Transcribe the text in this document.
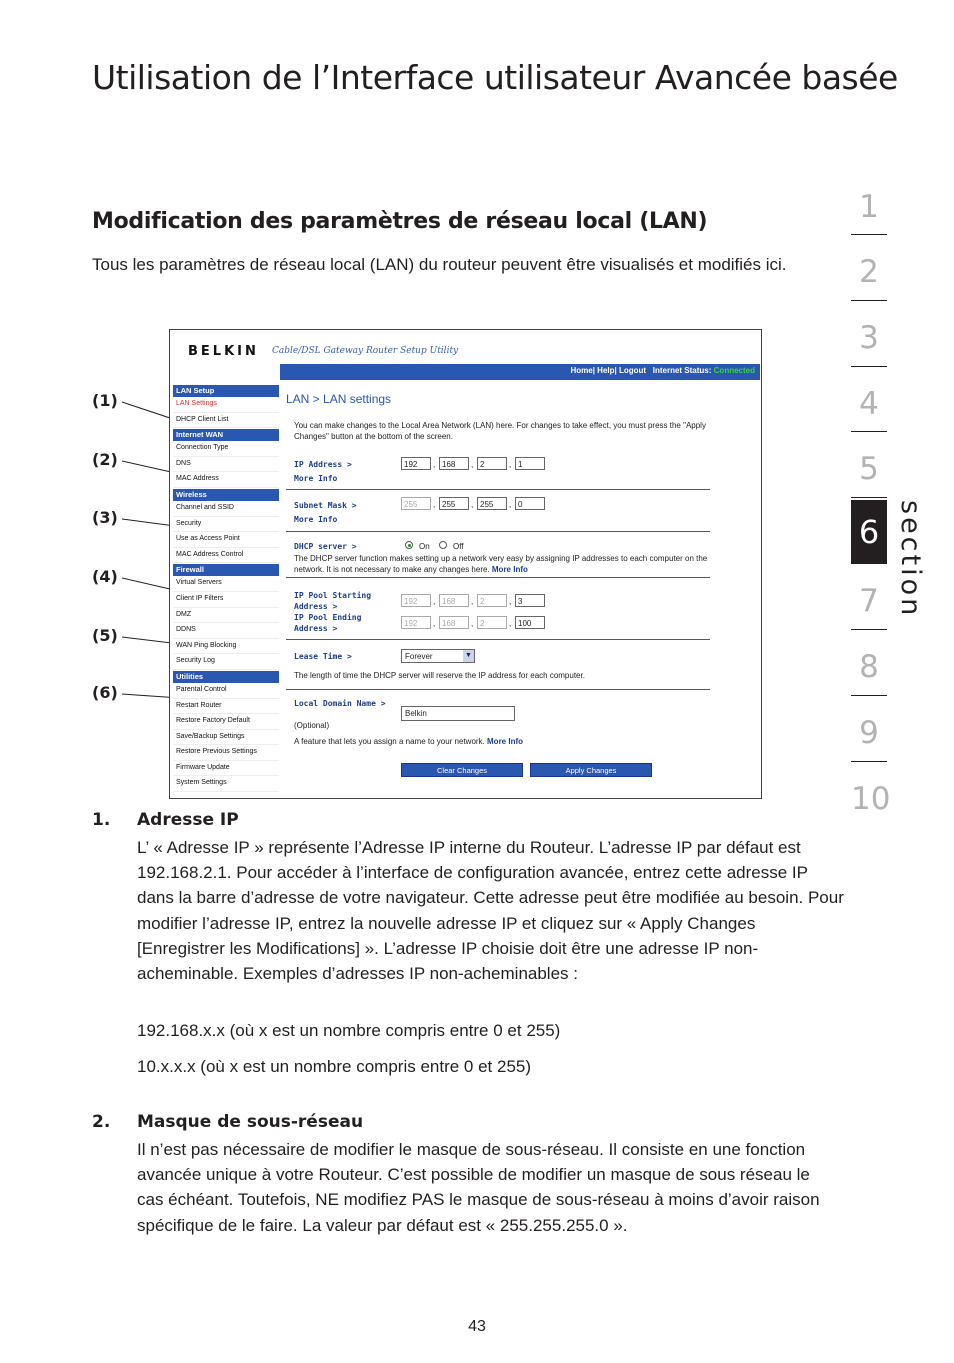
Utilisation de l’Interface utilisateur Avancée basée
Modification des paramètres de réseau local (LAN)
Tous les paramètres de réseau local (LAN) du routeur peuvent être visualisés et modifiés ici.
1
2
3
4
5
6
7
8
9
10
section
(1)
(2)
(3)
(4)
(5)
(6)
BELKIN Cable/DSL Gateway Router Setup Utility
Home| Help| Logout Internet Status: Connected
LAN Setup
LAN Settings
DHCP Client List
Internet WAN
Connection Type
DNS
MAC Address
Wireless
Channel and SSID
Security
Use as Access Point
MAC Address Control
Firewall
Virtual Servers
Client IP Filters
DMZ
DDNS
WAN Ping Blocking
Security Log
Utilities
Parental Control
Restart Router
Restore Factory Default
Save/Backup Settings
Restore Previous Settings
Firmware Update
System Settings
LAN > LAN settings
You can make changes to the Local Area Network (LAN) here. For changes to take effect, you must press the "Apply Changes" button at the bottom of the screen.
IP Address >
More Info
192	, 168	, 2	, 1
Subnet Mask >
More Info
255	, 255	, 255	, 0
DHCP server >	On	Off
The DHCP server function makes setting up a network very easy by assigning IP addresses to each computer on the network. It is not necessary to make any changes here. More Info
IP Pool Starting Address >
192	, 168	, 2	, 3
IP Pool Ending Address >
192	, 168	, 2	, 100
Lease Time >	Forever	▼
The length of time the DHCP server will reserve the IP address for each computer.
Local Domain Name >
(Optional)
Belkin
A feature that lets you assign a name to your network. More Info
Clear Changes	Apply Changes
1. Adresse IP
L’ « Adresse IP » représente l’Adresse IP interne du Routeur. L’adresse IP par défaut est 192.168.2.1. Pour accéder à l’interface de configuration avancée, entrez cette adresse IP dans la barre d’adresse de votre navigateur. Cette adresse peut être modifiée au besoin. Pour modifier l’adresse IP, entrez la nouvelle adresse IP et cliquez sur « Apply Changes [Enregistrer les Modifications] ». L’adresse IP choisie doit être une adresse IP non-acheminable. Exemples d’adresses IP non-acheminables :
192.168.x.x (où x est un nombre compris entre 0 et 255)
10.x.x.x (où x est un nombre compris entre 0 et 255)
2. Masque de sous-réseau
Il n’est pas nécessaire de modifier le masque de sous-réseau. Il consiste en une fonction avancée unique à votre Routeur. C’est possible de modifier un masque de sous réseau le cas échéant. Toutefois, NE modifiez PAS le masque de sous-réseau à moins d’avoir raison spécifique de le faire. La valeur par défaut est « 255.255.255.0 ».
43
